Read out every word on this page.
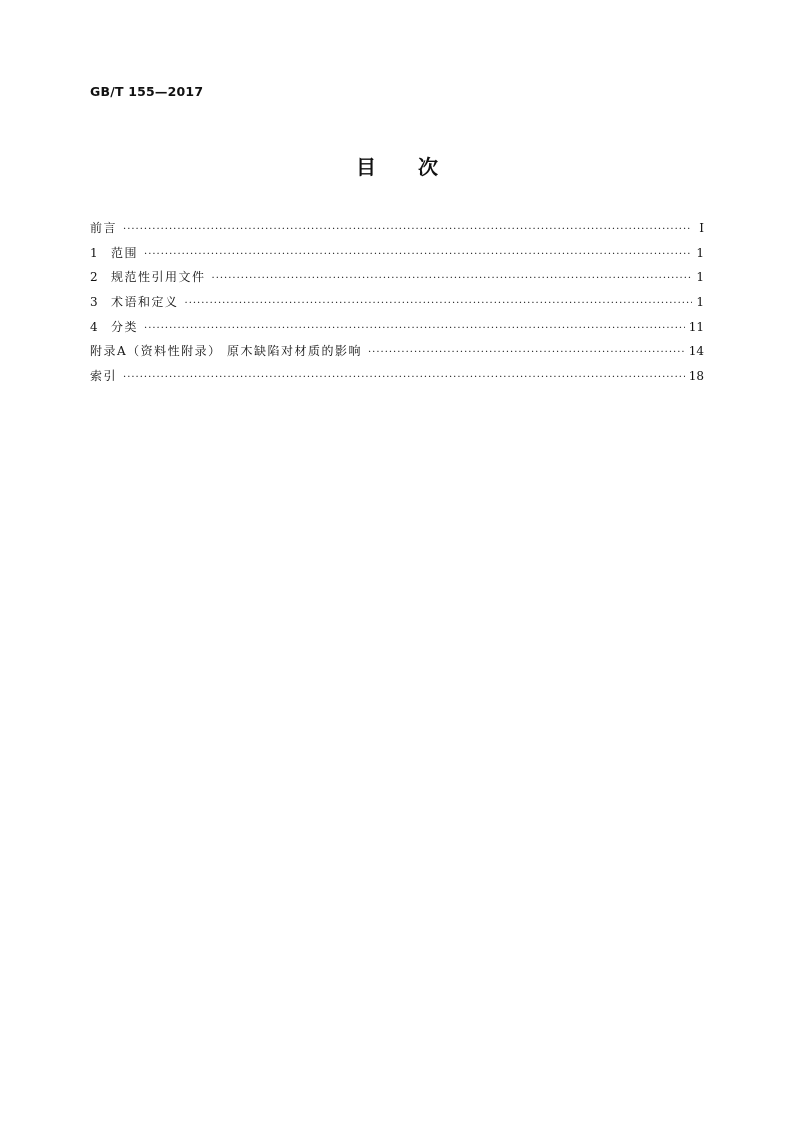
GB/T 155—2017
目 次
前言 ·····	Ⅰ
1	范围 ·····	1
2	规范性引用文件 ·····	1
3	术语和定义 ·····	1
4	分类 ·····	11
附录A（资料性附录） 原木缺陷对材质的影响 ·····	14
索引 ·····	18
